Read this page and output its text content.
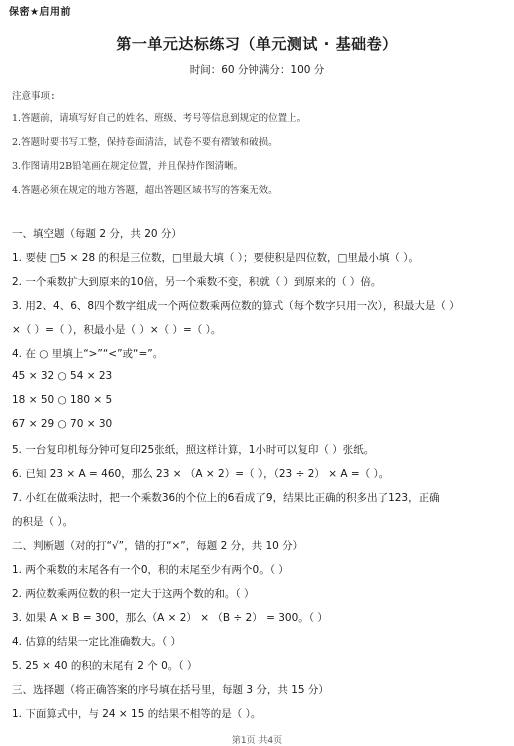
保密★启用前
第一单元达标练习（单元测试 · 基础卷）
时间：60 分钟满分：100 分
注意事项:
1.答题前，请填写好自己的姓名、班级、考号等信息到规定的位置上。
2.答题时要书写工整，保持卷面清洁，试卷不要有褶皱和破损。
3.作图请用2B铅笔画在规定位置，并且保持作图清晰。
4.答题必须在规定的地方答题，超出答题区域书写的答案无效。
一、填空题（每题 2 分，共 20 分）
1. 要使 □5 × 28 的积是三位数，□里最大填（ ）；要使积是四位数，□里最小填（ ）。
2. 一个乘数扩大到原来的10倍，另一个乘数不变，积就（ ）到原来的（ ）倍。
3. 用2、4、6、8四个数字组成一个两位数乘两位数的算式（每个数字只用一次），积最大是（ ）
×（ ）=（ ），积最小是（ ）×（ ）=（ ）。
4. 在 ○ 里填上“>”“<”或“=”。
45 × 32 ○ 54 × 23
18 × 50 ○ 180 × 5
67 × 29 ○ 70 × 30
5. 一台复印机每分钟可复印25张纸，照这样计算，1小时可以复印（ ）张纸。
6. 已知 23 × A = 460，那么 23 × （A × 2）=（ ），（23 ÷ 2） × A =（ ）。
7. 小红在做乘法时，把一个乘数36的个位上的6看成了9，结果比正确的积多出了123，正确
的积是（ ）。
二、判断题（对的打“√”，错的打“×”，每题 2 分，共 10 分）
1. 两个乘数的末尾各有一个0，积的末尾至少有两个0。（ ）
2. 两位数乘两位数的积一定大于这两个数的和。（ ）
3. 如果 A × B = 300，那么（A × 2） × （B ÷ 2） = 300。（ ）
4. 估算的结果一定比准确数大。（ ）
5. 25 × 40 的积的末尾有 2 个 0。（ ）
三、选择题（将正确答案的序号填在括号里，每题 3 分，共 15 分）
1. 下面算式中，与 24 × 15 的结果不相等的是（ ）。
第1页 共4页
